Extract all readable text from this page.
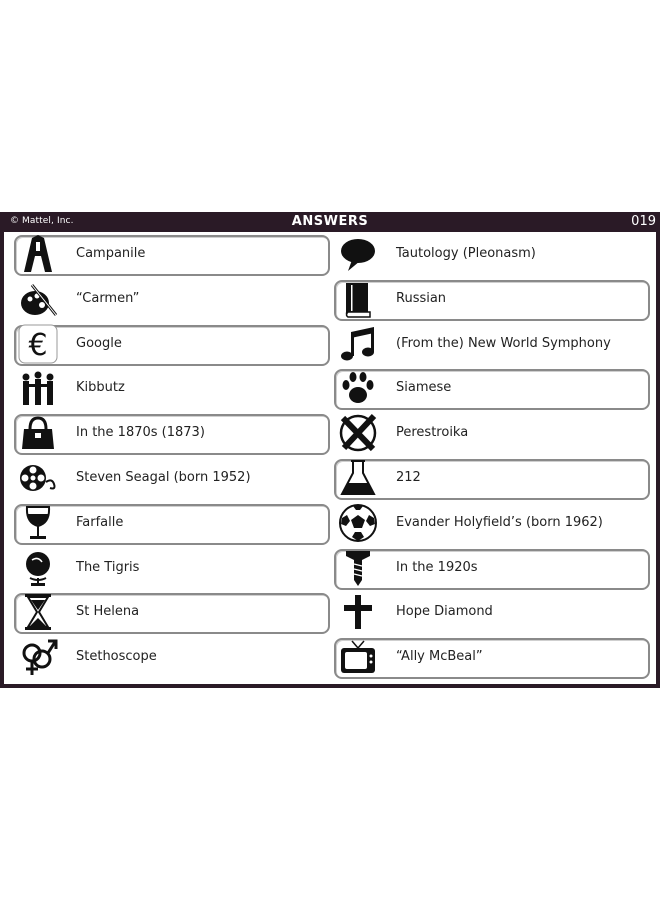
© Mattel, Inc.	ANSWERS	019
Campanile
“Carmen”
€ Google
Kibbutz
In the 1870s (1873)
Steven Seagal (born 1952)
Farfalle
The Tigris
St Helena
Stethoscope
Tautology (Pleonasm)
Russian
(From the) New World Symphony
Siamese
Perestroika
212
Evander Holyfield’s (born 1962)
In the 1920s
Hope Diamond
“Ally McBeal”
